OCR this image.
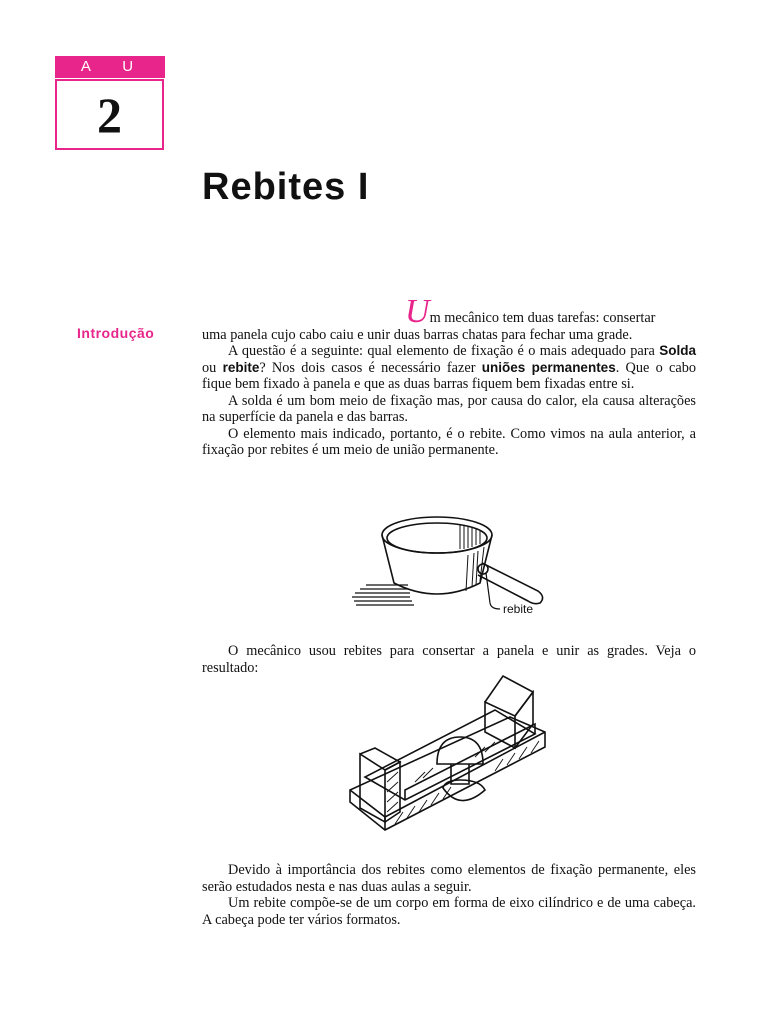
A U L A
2
Rebites I
Introdução

Um mecânico tem duas tarefas: consertar

uma panela cujo cabo caiu e unir duas barras chatas para fechar uma grade.

A questão é a seguinte: qual elemento de fixação é o mais adequado para Solda ou rebite? Nos dois casos é necessário fazer uniões permanentes. Que o cabo fique bem fixado à panela e que as duas barras fiquem bem fixadas entre si.

A solda é um bom meio de fixação mas, por causa do calor, ela causa alterações na superfície da panela e das barras.

O elemento mais indicado, portanto, é o rebite. Como vimos na aula anterior, a fixação por rebites é um meio de união permanente.

rebite

O mecânico usou rebites para consertar a panela e unir as grades. Veja o resultado:

Devido à importância dos rebites como elementos de fixação permanente, eles serão estudados nesta e nas duas aulas a seguir.

Um rebite compõe-se de um corpo em forma de eixo cilíndrico e de uma cabeça. A cabeça pode ter vários formatos.
